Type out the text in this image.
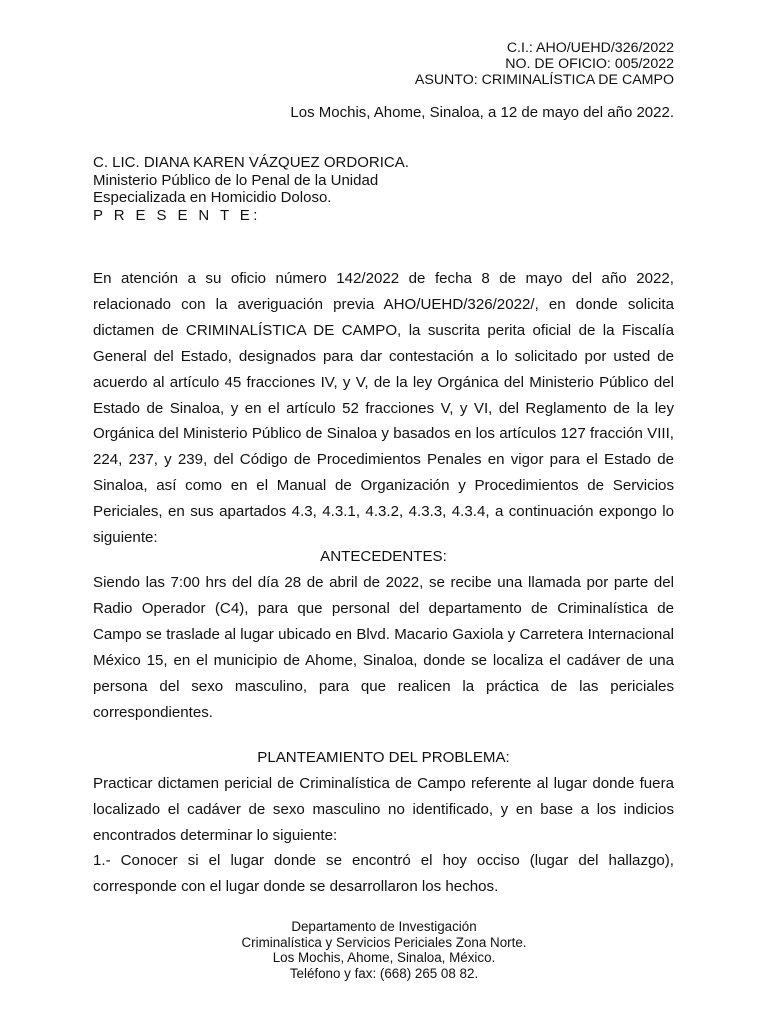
C.I.: AHO/UEHD/326/2022
NO. DE OFICIO: 005/2022
ASUNTO: CRIMINALÍSTICA DE CAMPO
Los Mochis, Ahome, Sinaloa, a 12 de mayo del año 2022.
C. LIC. DIANA KAREN VÁZQUEZ ORDORICA.
Ministerio Público de lo Penal de la Unidad
Especializada en Homicidio Doloso.
P R E S E N T E:

En atención a su oficio número 142/2022 de fecha 8 de mayo del año 2022, relacionado con la averiguación previa AHO/UEHD/326/2022/, en donde solicita dictamen de CRIMINALÍSTICA DE CAMPO, la suscrita perita oficial de la Fiscalía General del Estado, designados para dar contestación a lo solicitado por usted de acuerdo al artículo 45 fracciones IV, y V, de la ley Orgánica del Ministerio Público del Estado de Sinaloa, y en el artículo 52 fracciones V, y VI, del Reglamento de la ley Orgánica del Ministerio Público de Sinaloa y basados en los artículos 127 fracción VIII, 224, 237, y 239, del Código de Procedimientos Penales en vigor para el Estado de Sinaloa, así como en el Manual de Organización y Procedimientos de Servicios Periciales, en sus apartados 4.3, 4.3.1, 4.3.2, 4.3.3, 4.3.4, a continuación expongo lo siguiente:

ANTECEDENTES:

Siendo las 7:00 hrs del día 28 de abril de 2022, se recibe una llamada por parte del Radio Operador (C4), para que personal del departamento de Criminalística de Campo se traslade al lugar ubicado en Blvd. Macario Gaxiola y Carretera Internacional México 15, en el municipio de Ahome, Sinaloa, donde se localiza el cadáver de una persona del sexo masculino, para que realicen la práctica de las periciales correspondientes.

PLANTEAMIENTO DEL PROBLEMA:

Practicar dictamen pericial de Criminalística de Campo referente al lugar donde fuera localizado el cadáver de sexo masculino no identificado, y en base a los indicios encontrados determinar lo siguiente:

1.- Conocer si el lugar donde se encontró el hoy occiso (lugar del hallazgo), corresponde con el lugar donde se desarrollaron los hechos.

Departamento de Investigación
Criminalística y Servicios Periciales Zona Norte.
Los Mochis, Ahome, Sinaloa, México.
Teléfono y fax: (668) 265 08 82.
